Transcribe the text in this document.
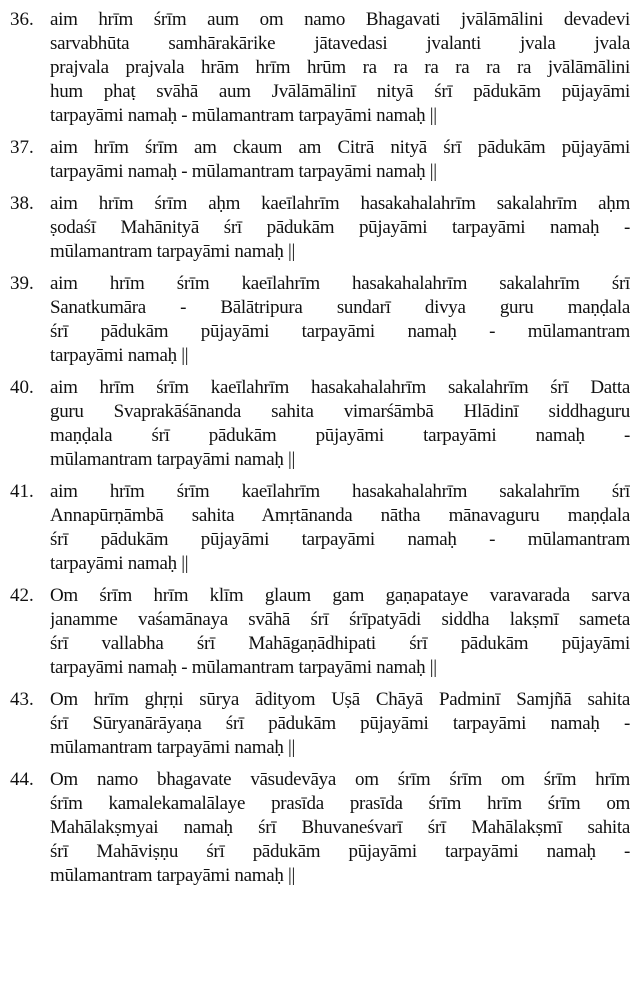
36. aim hrīm śrīm aum om namo Bhagavati jvālāmālini devadevi
sarvabhūta samhārakārike jātavedasi jvalanti jvala jvala
prajvala prajvala hrām hrīm hrūm ra ra ra ra ra ra jvālāmālini
hum phaṭ svāhā aum Jvālāmālinī nityā śrī pādukām pūjayāmi
tarpayāmi namaḥ - mūlamantram tarpayāmi namaḥ ||
37. aim hrīm śrīm am ckaum am Citrā nityā śrī pādukām pūjayāmi
tarpayāmi namaḥ - mūlamantram tarpayāmi namaḥ ||
38. aim hrīm śrīm aḥm kaeīlahrīm hasakahalahrīm sakalahrīm aḥm
ṣodaśī Mahānityā śrī pādukām pūjayāmi tarpayāmi namaḥ -
mūlamantram tarpayāmi namaḥ ||
39. aim hrīm śrīm kaeīlahrīm hasakahalahrīm sakalahrīm śrī
Sanatkumāra - Bālātripura sundarī divya guru maṇḍala
śrī pādukām pūjayāmi tarpayāmi namaḥ - mūlamantram
tarpayāmi namaḥ ||
40. aim hrīm śrīm kaeīlahrīm hasakahalahrīm sakalahrīm śrī Datta
guru Svaprakāśānanda sahita vimarśāmbā Hlādinī siddhaguru
maṇḍala śrī pādukām pūjayāmi tarpayāmi namaḥ -
mūlamantram tarpayāmi namaḥ ||
41. aim hrīm śrīm kaeīlahrīm hasakahalahrīm sakalahrīm śrī
Annapūrṇāmbā sahita Amṛtānanda nātha mānavaguru maṇḍala
śrī pādukām pūjayāmi tarpayāmi namaḥ - mūlamantram
tarpayāmi namaḥ ||
42. Om śrīm hrīm klīm glaum gam gaṇapataye varavarada sarva
janamme vaśamānaya svāhā śrī śrīpatyādi siddha lakṣmī sameta
śrī vallabha śrī Mahāgaṇādhipati śrī pādukām pūjayāmi
tarpayāmi namaḥ - mūlamantram tarpayāmi namaḥ ||
43. Om hrīm ghṛṇi sūrya ādityom Uṣā Chāyā Padminī Samjñā sahita
śrī Sūryanārāyaṇa śrī pādukām pūjayāmi tarpayāmi namaḥ -
mūlamantram tarpayāmi namaḥ ||
44. Om namo bhagavate vāsudevāya om śrīm śrīm om śrīm hrīm
śrīm kamalekamalālaye prasīda prasīda śrīm hrīm śrīm om
Mahālakṣmyai namaḥ śrī Bhuvaneśvarī śrī Mahālakṣmī sahita
śrī Mahāviṣṇu śrī pādukām pūjayāmi tarpayāmi namaḥ -
mūlamantram tarpayāmi namaḥ ||
